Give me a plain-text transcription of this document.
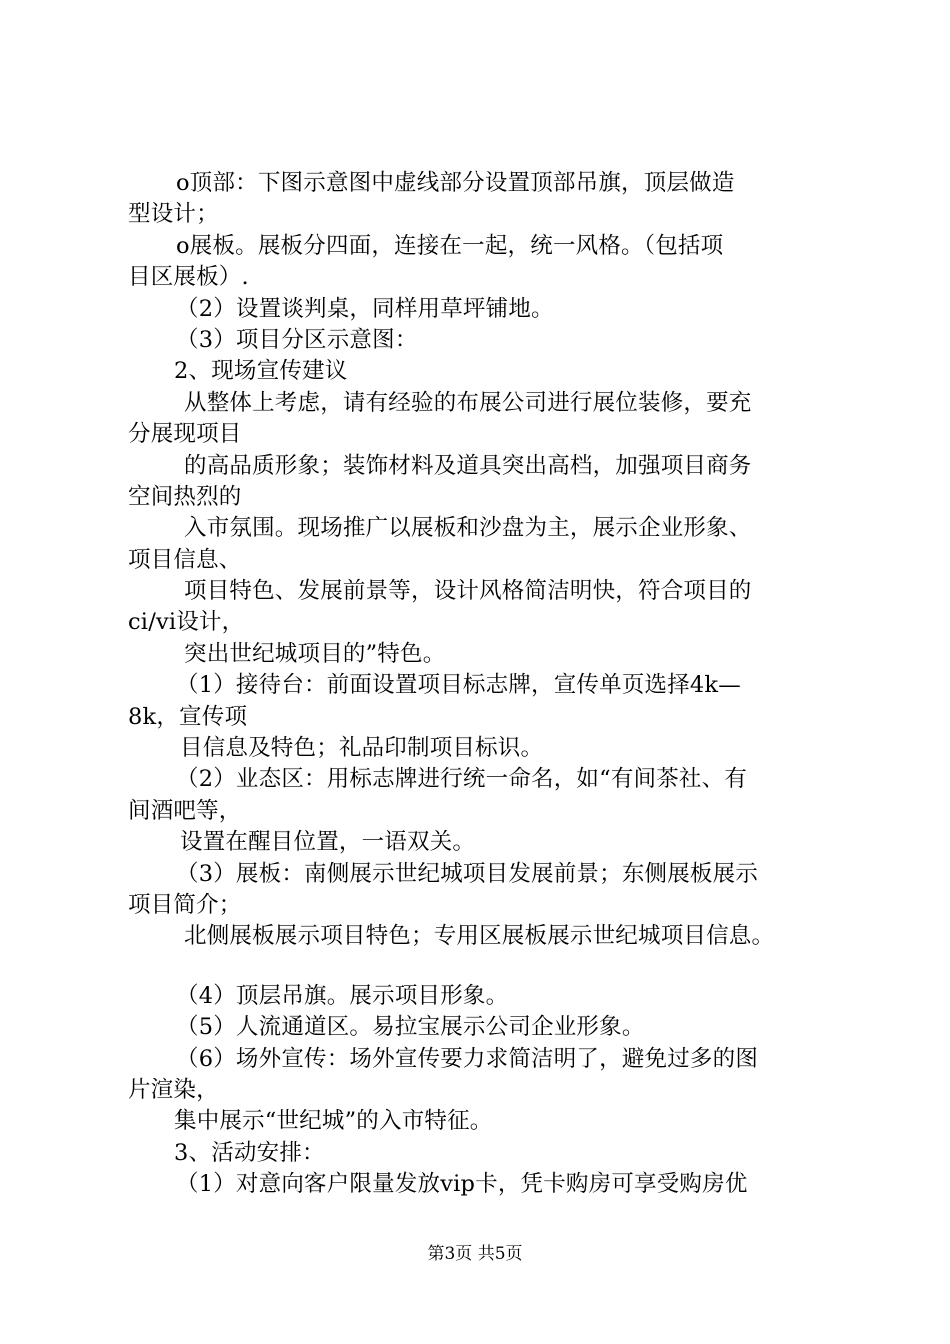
o顶部：下图示意图中虚线部分设置顶部吊旗，顶层做造
型设计；
o展板。展板分四面，连接在一起，统一风格。（包括项
目区展板）.
（2）设置谈判桌，同样用草坪铺地。
（3）项目分区示意图：
2、现场宣传建议
从整体上考虑，请有经验的布展公司进行展位装修，要充
分展现项目
的高品质形象；装饰材料及道具突出高档，加强项目商务
空间热烈的
入市氛围。现场推广以展板和沙盘为主，展示企业形象、
项目信息、
项目特色、发展前景等，设计风格简洁明快，符合项目的
ci/vi设计，
突出世纪城项目的”特色。
（1）接待台：前面设置项目标志牌，宣传单页选择4k—
8k，宣传项
目信息及特色；礼品印制项目标识。
（2）业态区：用标志牌进行统一命名，如“有间茶社、有
间酒吧等，
设置在醒目位置，一语双关。
（3）展板：南侧展示世纪城项目发展前景；东侧展板展示
项目简介；
北侧展板展示项目特色；专用区展板展示世纪城项目信息。
（4）顶层吊旗。展示项目形象。
（5）人流通道区。易拉宝展示公司企业形象。
（6）场外宣传：场外宣传要力求简洁明了，避免过多的图
片渲染，
集中展示“世纪城”的入市特征。
3、活动安排：
（1）对意向客户限量发放vip卡，凭卡购房可享受购房优
第3页 共5页
